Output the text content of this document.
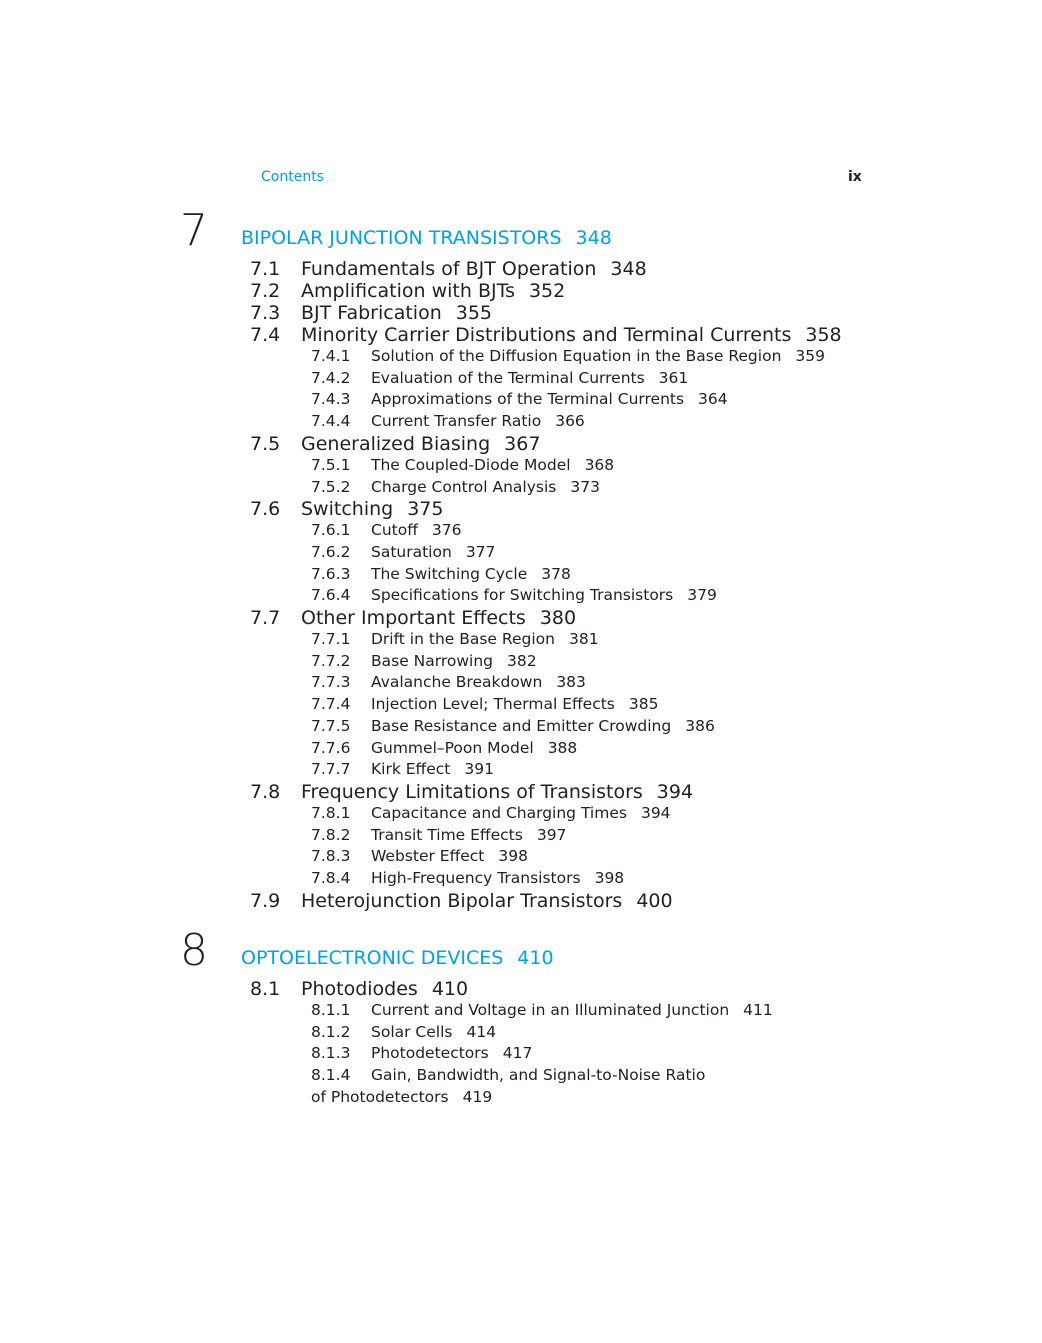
Contents	ix
7 BIPOLAR JUNCTION TRANSISTORS 348
7.1 Fundamentals of BJT Operation 348
7.2 Amplification with BJTs 352
7.3 BJT Fabrication 355
7.4 Minority Carrier Distributions and Terminal Currents 358
7.4.1 Solution of the Diffusion Equation in the Base Region 359
7.4.2 Evaluation of the Terminal Currents 361
7.4.3 Approximations of the Terminal Currents 364
7.4.4 Current Transfer Ratio 366
7.5 Generalized Biasing 367
7.5.1 The Coupled-Diode Model 368
7.5.2 Charge Control Analysis 373
7.6 Switching 375
7.6.1 Cutoff 376
7.6.2 Saturation 377
7.6.3 The Switching Cycle 378
7.6.4 Specifications for Switching Transistors 379
7.7 Other Important Effects 380
7.7.1 Drift in the Base Region 381
7.7.2 Base Narrowing 382
7.7.3 Avalanche Breakdown 383
7.7.4 Injection Level; Thermal Effects 385
7.7.5 Base Resistance and Emitter Crowding 386
7.7.6 Gummel–Poon Model 388
7.7.7 Kirk Effect 391
7.8 Frequency Limitations of Transistors 394
7.8.1 Capacitance and Charging Times 394
7.8.2 Transit Time Effects 397
7.8.3 Webster Effect 398
7.8.4 High-Frequency Transistors 398
7.9 Heterojunction Bipolar Transistors 400
8 OPTOELECTRONIC DEVICES 410
8.1 Photodiodes 410
8.1.1 Current and Voltage in an Illuminated Junction 411
8.1.2 Solar Cells 414
8.1.3 Photodetectors 417
8.1.4 Gain, Bandwidth, and Signal-to-Noise Ratio
of Photodetectors 419
